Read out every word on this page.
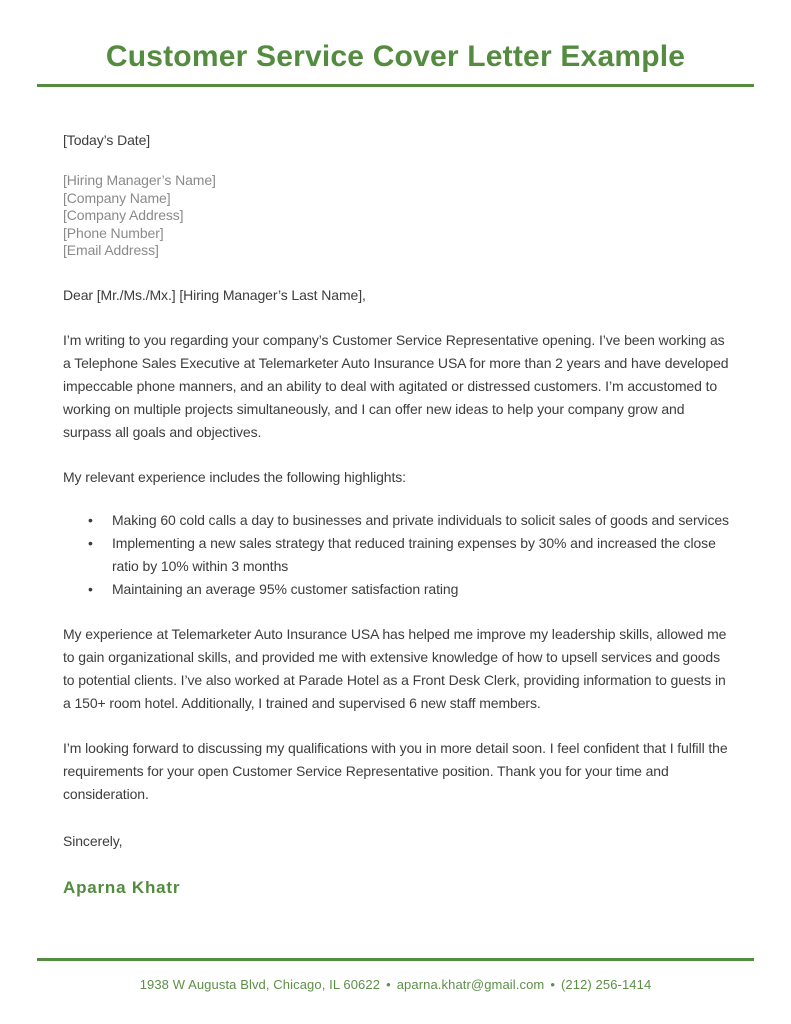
Customer Service Cover Letter Example
[Today’s Date]
[Hiring Manager’s Name]
[Company Name]
[Company Address]
[Phone Number]
[Email Address]
Dear [Mr./Ms./Mx.] [Hiring Manager’s Last Name],

I’m writing to you regarding your company’s Customer Service Representative opening. I’ve been working as a Telephone Sales Executive at Telemarketer Auto Insurance USA for more than 2 years and have developed impeccable phone manners, and an ability to deal with agitated or distressed customers. I’m accustomed to working on multiple projects simultaneously, and I can offer new ideas to help your company grow and surpass all goals and objectives.

My relevant experience includes the following highlights:

• Making 60 cold calls a day to businesses and private individuals to solicit sales of goods and services
• Implementing a new sales strategy that reduced training expenses by 30% and increased the close ratio by 10% within 3 months
• Maintaining an average 95% customer satisfaction rating

My experience at Telemarketer Auto Insurance USA has helped me improve my leadership skills, allowed me to gain organizational skills, and provided me with extensive knowledge of how to upsell services and goods to potential clients. I’ve also worked at Parade Hotel as a Front Desk Clerk, providing information to guests in a 150+ room hotel. Additionally, I trained and supervised 6 new staff members.

I’m looking forward to discussing my qualifications with you in more detail soon. I feel confident that I fulfill the requirements for your open Customer Service Representative position. Thank you for your time and consideration.

Sincerely,
Aparna Khatr
1938 W Augusta Blvd, Chicago, IL 60622 • aparna.khatr@gmail.com • (212) 256-1414
